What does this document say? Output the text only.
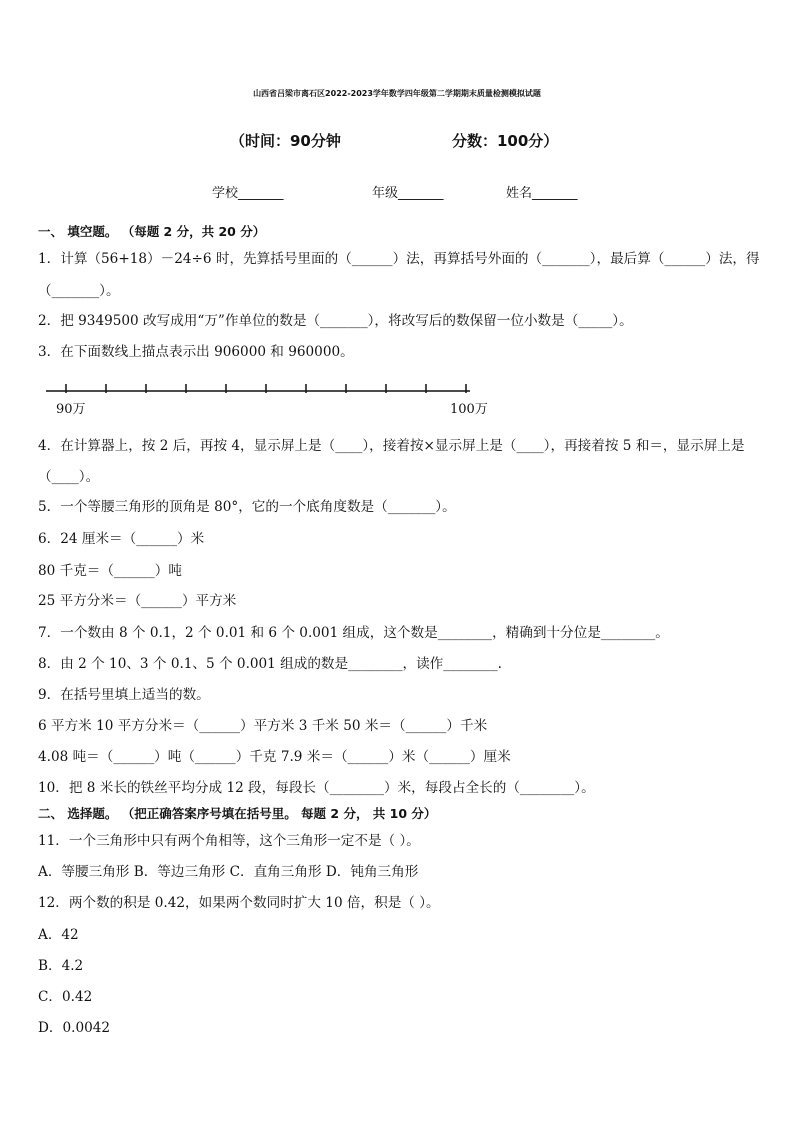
山西省吕梁市离石区2022-2023学年数学四年级第二学期期末质量检测模拟试题
（时间：90分钟	分数：100分）
学校_______	年级_______	姓名_______
一、 填空题。 （每题 2 分，共 20 分）
1．计算（56+18）－24÷6 时，先算括号里面的（______）法，再算括号外面的（_______），最后算（______）法，得
（_______）。
2．把 9349500 改写成用“万”作单位的数是（_______），将改写后的数保留一位小数是（_____）。
3．在下面数线上描点表示出 906000 和 960000。
90万	100万
4．在计算器上，按 2 后，再按 4，显示屏上是（____），接着按×显示屏上是（____），再接着按 5 和＝，显示屏上是
（____）。
5．一个等腰三角形的顶角是 80°，它的一个底角度数是（_______）。
6．24 厘米＝（______）米
80 千克＝（______）吨
25 平方分米＝（______）平方米
7．一个数由 8 个 0.1，2 个 0.01 和 6 个 0.001 组成，这个数是________，精确到十分位是________。
8．由 2 个 10、3 个 0.1、5 个 0.001 组成的数是________，读作________.
9．在括号里填上适当的数。
6 平方米 10 平方分米＝（______）平方米 3 千米 50 米＝（______）千米
4.08 吨＝（______）吨（______）千克 7.9 米＝（______）米（______）厘米
10．把 8 米长的铁丝平均分成 12 段，每段长（________）米，每段占全长的（________）。
二、 选择题。 （把正确答案序号填在括号里。 每题 2 分， 共 10 分）
11．一个三角形中只有两个角相等，这个三角形一定不是（ ）。
A．等腰三角形 B．等边三角形 C．直角三角形 D．钝角三角形
12．两个数的积是 0.42，如果两个数同时扩大 10 倍，积是（ ）。
A．42
B．4.2
C．0.42
D．0.0042
